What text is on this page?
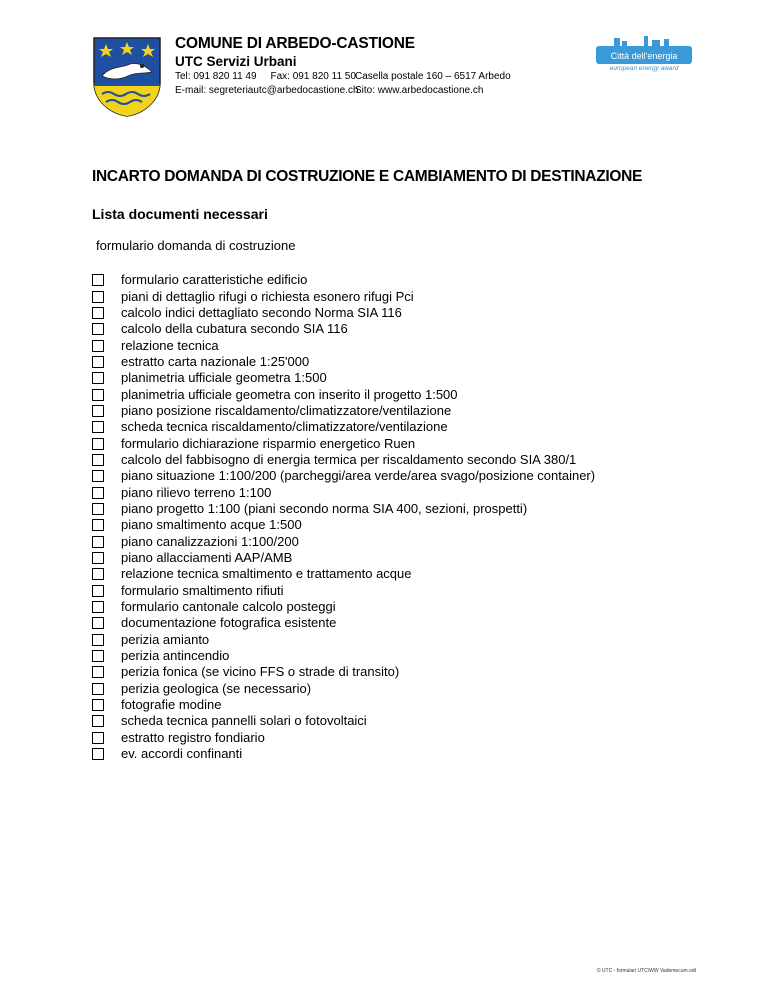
COMUNE DI ARBEDO-CASTIONE
UTC Servizi Urbani
Tel: 091 820 11 49 Fax: 091 820 11 50 Casella postale 160 – 6517 Arbedo
E-mail: segreteriautc@arbedocastione.ch
Sito: www.arbedocastione.ch
Città dell'energia
european energy award
INCARTO DOMANDA DI COSTRUZIONE E CAMBIAMENTO DI DESTINAZIONE
Lista documenti necessari
formulario domanda di costruzione
formulario caratteristiche edificio
piani di dettaglio rifugi o richiesta esonero rifugi Pci
calcolo indici dettagliato secondo Norma SIA 116
calcolo della cubatura secondo SIA 116
relazione tecnica
estratto carta nazionale 1:25'000
planimetria ufficiale geometra 1:500
planimetria ufficiale geometra con inserito il progetto 1:500
piano posizione riscaldamento/climatizzatore/ventilazione
scheda tecnica riscaldamento/climatizzatore/ventilazione
formulario dichiarazione risparmio energetico Ruen
calcolo del fabbisogno di energia termica per riscaldamento secondo SIA 380/1
piano situazione 1:100/200 (parcheggi/area verde/area svago/posizione container)
piano rilievo terreno 1:100
piano progetto 1:100 (piani secondo norma SIA 400, sezioni, prospetti)
piano smaltimento acque 1:500
piano canalizzazioni 1:100/200
piano allacciamenti AAP/AMB
relazione tecnica smaltimento e trattamento acque
formulario smaltimento rifiuti
formulario cantonale calcolo posteggi
documentazione fotografica esistente
perizia amianto
perizia antincendio
perizia fonica (se vicino FFS o strade di transito)
perizia geologica (se necessario)
fotografie modine
scheda tecnica pannelli solari o fotovoltaici
estratto registro fondiario
ev. accordi confinanti
© UTC - formulari UTC\WW Vademecum.odt
